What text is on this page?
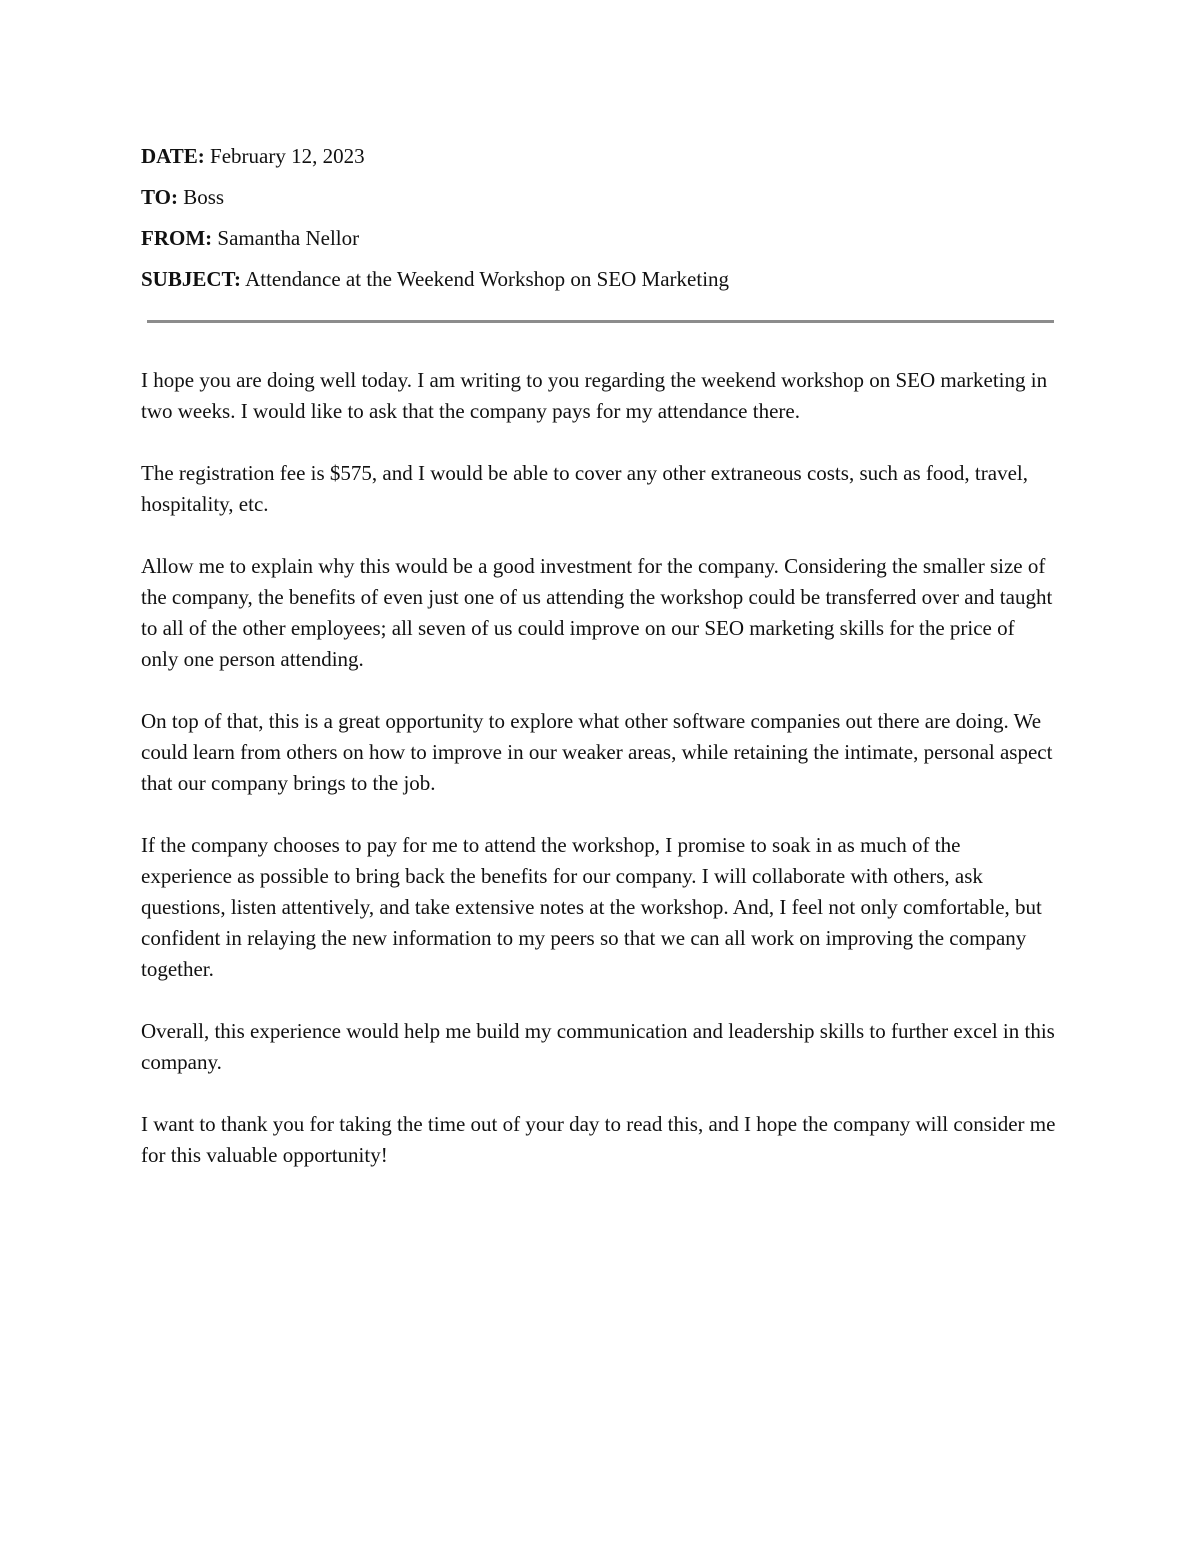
DATE: February 12, 2023
TO: Boss
FROM: Samantha Nellor
SUBJECT: Attendance at the Weekend Workshop on SEO Marketing

I hope you are doing well today. I am writing to you regarding the weekend workshop on SEO marketing in two weeks. I would like to ask that the company pays for my attendance there.

The registration fee is $575, and I would be able to cover any other extraneous costs, such as food, travel, hospitality, etc.

Allow me to explain why this would be a good investment for the company. Considering the smaller size of the company, the benefits of even just one of us attending the workshop could be transferred over and taught to all of the other employees; all seven of us could improve on our SEO marketing skills for the price of only one person attending.

On top of that, this is a great opportunity to explore what other software companies out there are doing. We could learn from others on how to improve in our weaker areas, while retaining the intimate, personal aspect that our company brings to the job.

If the company chooses to pay for me to attend the workshop, I promise to soak in as much of the experience as possible to bring back the benefits for our company. I will collaborate with others, ask questions, listen attentively, and take extensive notes at the workshop. And, I feel not only comfortable, but confident in relaying the new information to my peers so that we can all work on improving the company together.

Overall, this experience would help me build my communication and leadership skills to further excel in this company.

I want to thank you for taking the time out of your day to read this, and I hope the company will consider me for this valuable opportunity!
